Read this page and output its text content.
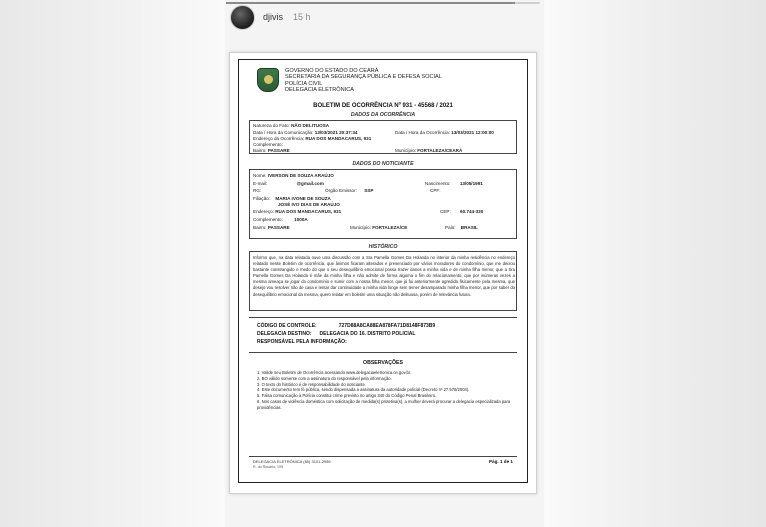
djivis 15 h
GOVERNO DO ESTADO DO CEARÁ
SECRETARIA DA SEGURANÇA PÚBLICA E DEFESA SOCIAL
POLÍCIA CIVIL
DELEGACIA ELETRÔNICA
BOLETIM DE OCORRÊNCIA Nº 931 - 45568 / 2021
DADOS DA OCORRÊNCIA
Natureza do Fato: NÃO DELITUOSA
Data / Hora da Comunicação: 13/03/2021 20:37:34	Data / Hora da Ocorrência: 13/03/2021 12:00:00
Endereço da Ocorrência: RUA DOS MANDACARUS, 931
Complemento:
Bairro: PASSARE	Município: FORTALEZA/CEARÁ
DADOS DO NOTICIANTE
Nome: IVERSON DE SOUZA ARAÚJO
E-mail:	@gmail.com	Nascimento: 13/05/1991
RG:	Órgão Emissor: SSP	CPF:
Filiação: MARIA IVONE DE SOUZA
JOSÉ IVO DIAS DE ARAÚJO
Endereço: RUA DOS MANDACARUS, 931	CEP: 60.744-330
Complemento: 1000A
Bairro: PASSARE	Município: FORTALEZA/CE	País: BRASIL
HISTÓRICO
Informo que, na data relatada ouve uma discussão com a Sra Pamella Gomes Da Holanda no interior da minha residência no endereço relatado nesse Boletim de ocorrência, que ânimos ficaram alterados e presenciado por vários moradores do condomínio, que me deixou bastante constrangido e medo do que o seu desequilíbrio emocional possa trazer danos a minha vida e de minha filha menor, que a Sra Pamella Gomes Da Holanda é mãe da minha filha e não admite de forma alguma o fim do relacionamento, que por inúmeras vezes a mesma ameaça se jogar do condomínio e sumir com a nossa filha menor, que já fui anteriormente agredido fisicamente pela mesma, que desejo vou resolver não de casa e tentar dar continuidade a minha vida longe sem temer desamparado minha filha menor, que por saber do desequilíbrio emocional da mesma, quero relatar em boletim uma situação não delituosa, porém de relevância futura.
CÓDIGO DE CONTROLE:	727D88A8CA88EA878FA71D8148F873B9
DELEGACIA DESTINO: DELEGACIA DO 16. DISTRITO POLICIAL
RESPONSÁVEL PELA INFORMAÇÃO:
OBSERVAÇÕES
1. Valide seu Boletim de Ocorrência acessando www.delegaciaeletronica.ce.gov.br.
2. BO válido somente com a assinatura do responsável pela informação.
3. O texto do histórico é de responsabilidade do noticiante.
4. Este documento tem fé pública, sendo dispensada a assinatura da autoridade policial (Decreto nº 27.578/2004).
5. Falsa comunicação à Polícia constitui crime previsto no artigo 340 do Código Penal Brasileiro.
6. Nos casos de violência doméstica com solicitação de medida(s) protetiva(s), a mulher deverá procurar a delegacia especializada para providências.
DELEGACIA ELETRÔNICA (85) 3101-2956
R. do Rosário, 199
Pág. 1 de 1
